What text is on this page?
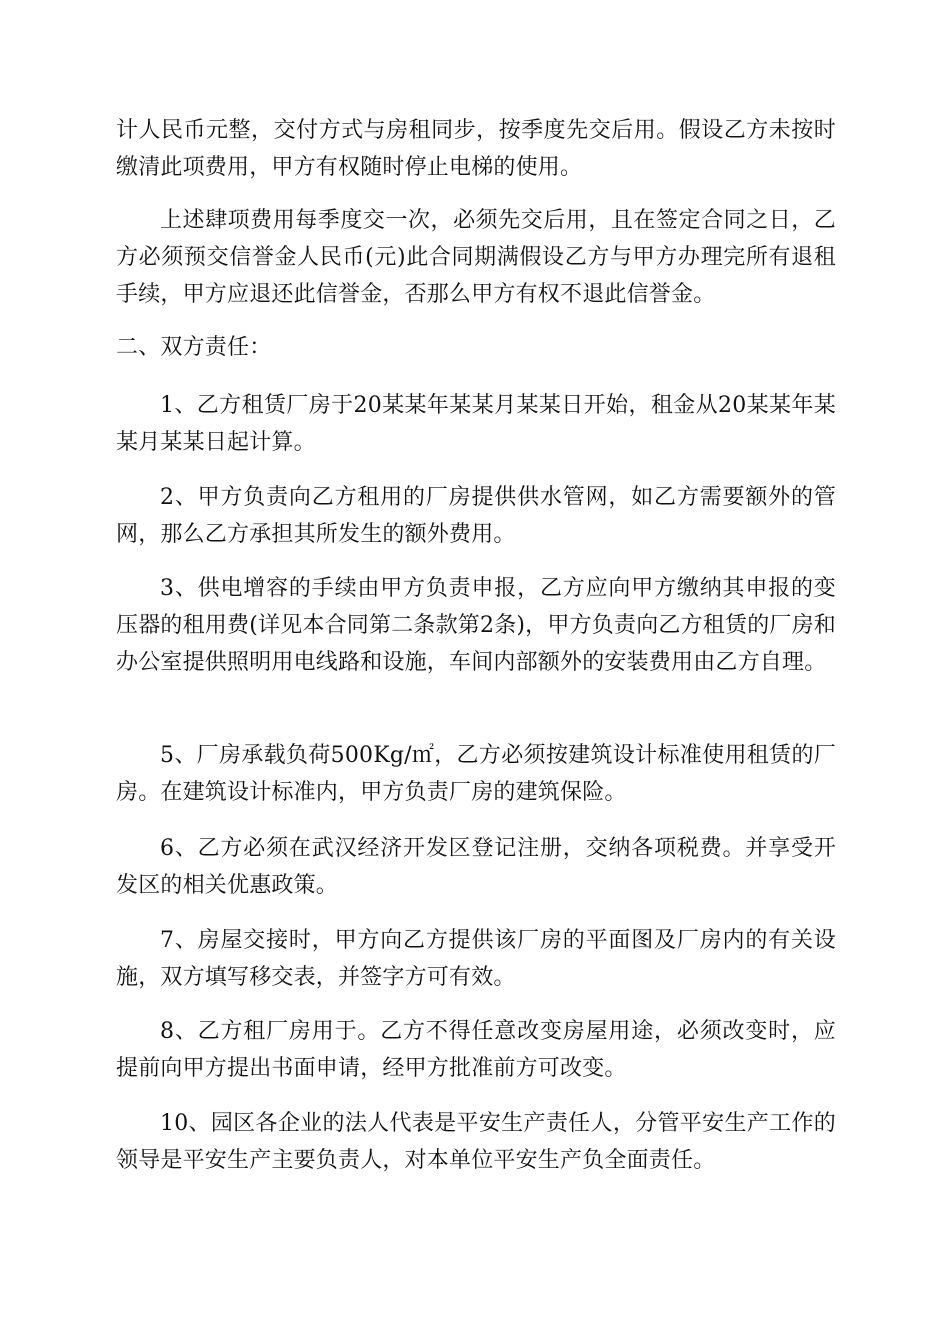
计人民币元整，交付方式与房租同步，按季度先交后用。假设乙方未按时缴清此项费用，甲方有权随时停止电梯的使用。

上述肆项费用每季度交一次，必须先交后用，且在签定合同之日，乙方必须预交信誉金人民币(元)此合同期满假设乙方与甲方办理完所有退租手续，甲方应退还此信誉金，否那么甲方有权不退此信誉金。

二、双方责任：

1、乙方租赁厂房于20某某年某某月某某日开始，租金从20某某年某某月某某日起计算。

2、甲方负责向乙方租用的厂房提供供水管网，如乙方需要额外的管网，那么乙方承担其所发生的额外费用。

3、供电增容的手续由甲方负责申报，乙方应向甲方缴纳其申报的变压器的租用费(详见本合同第二条款第2条)，甲方负责向乙方租赁的厂房和办公室提供照明用电线路和设施，车间内部额外的安装费用由乙方自理。

5、厂房承载负荷500Kg/㎡，乙方必须按建筑设计标准使用租赁的厂房。在建筑设计标准内，甲方负责厂房的建筑保险。

6、乙方必须在武汉经济开发区登记注册，交纳各项税费。并享受开发区的相关优惠政策。

7、房屋交接时，甲方向乙方提供该厂房的平面图及厂房内的有关设施，双方填写移交表，并签字方可有效。

8、乙方租厂房用于。乙方不得任意改变房屋用途，必须改变时，应提前向甲方提出书面申请，经甲方批准前方可改变。

10、园区各企业的法人代表是平安生产责任人，分管平安生产工作的领导是平安生产主要负责人，对本单位平安生产负全面责任。
